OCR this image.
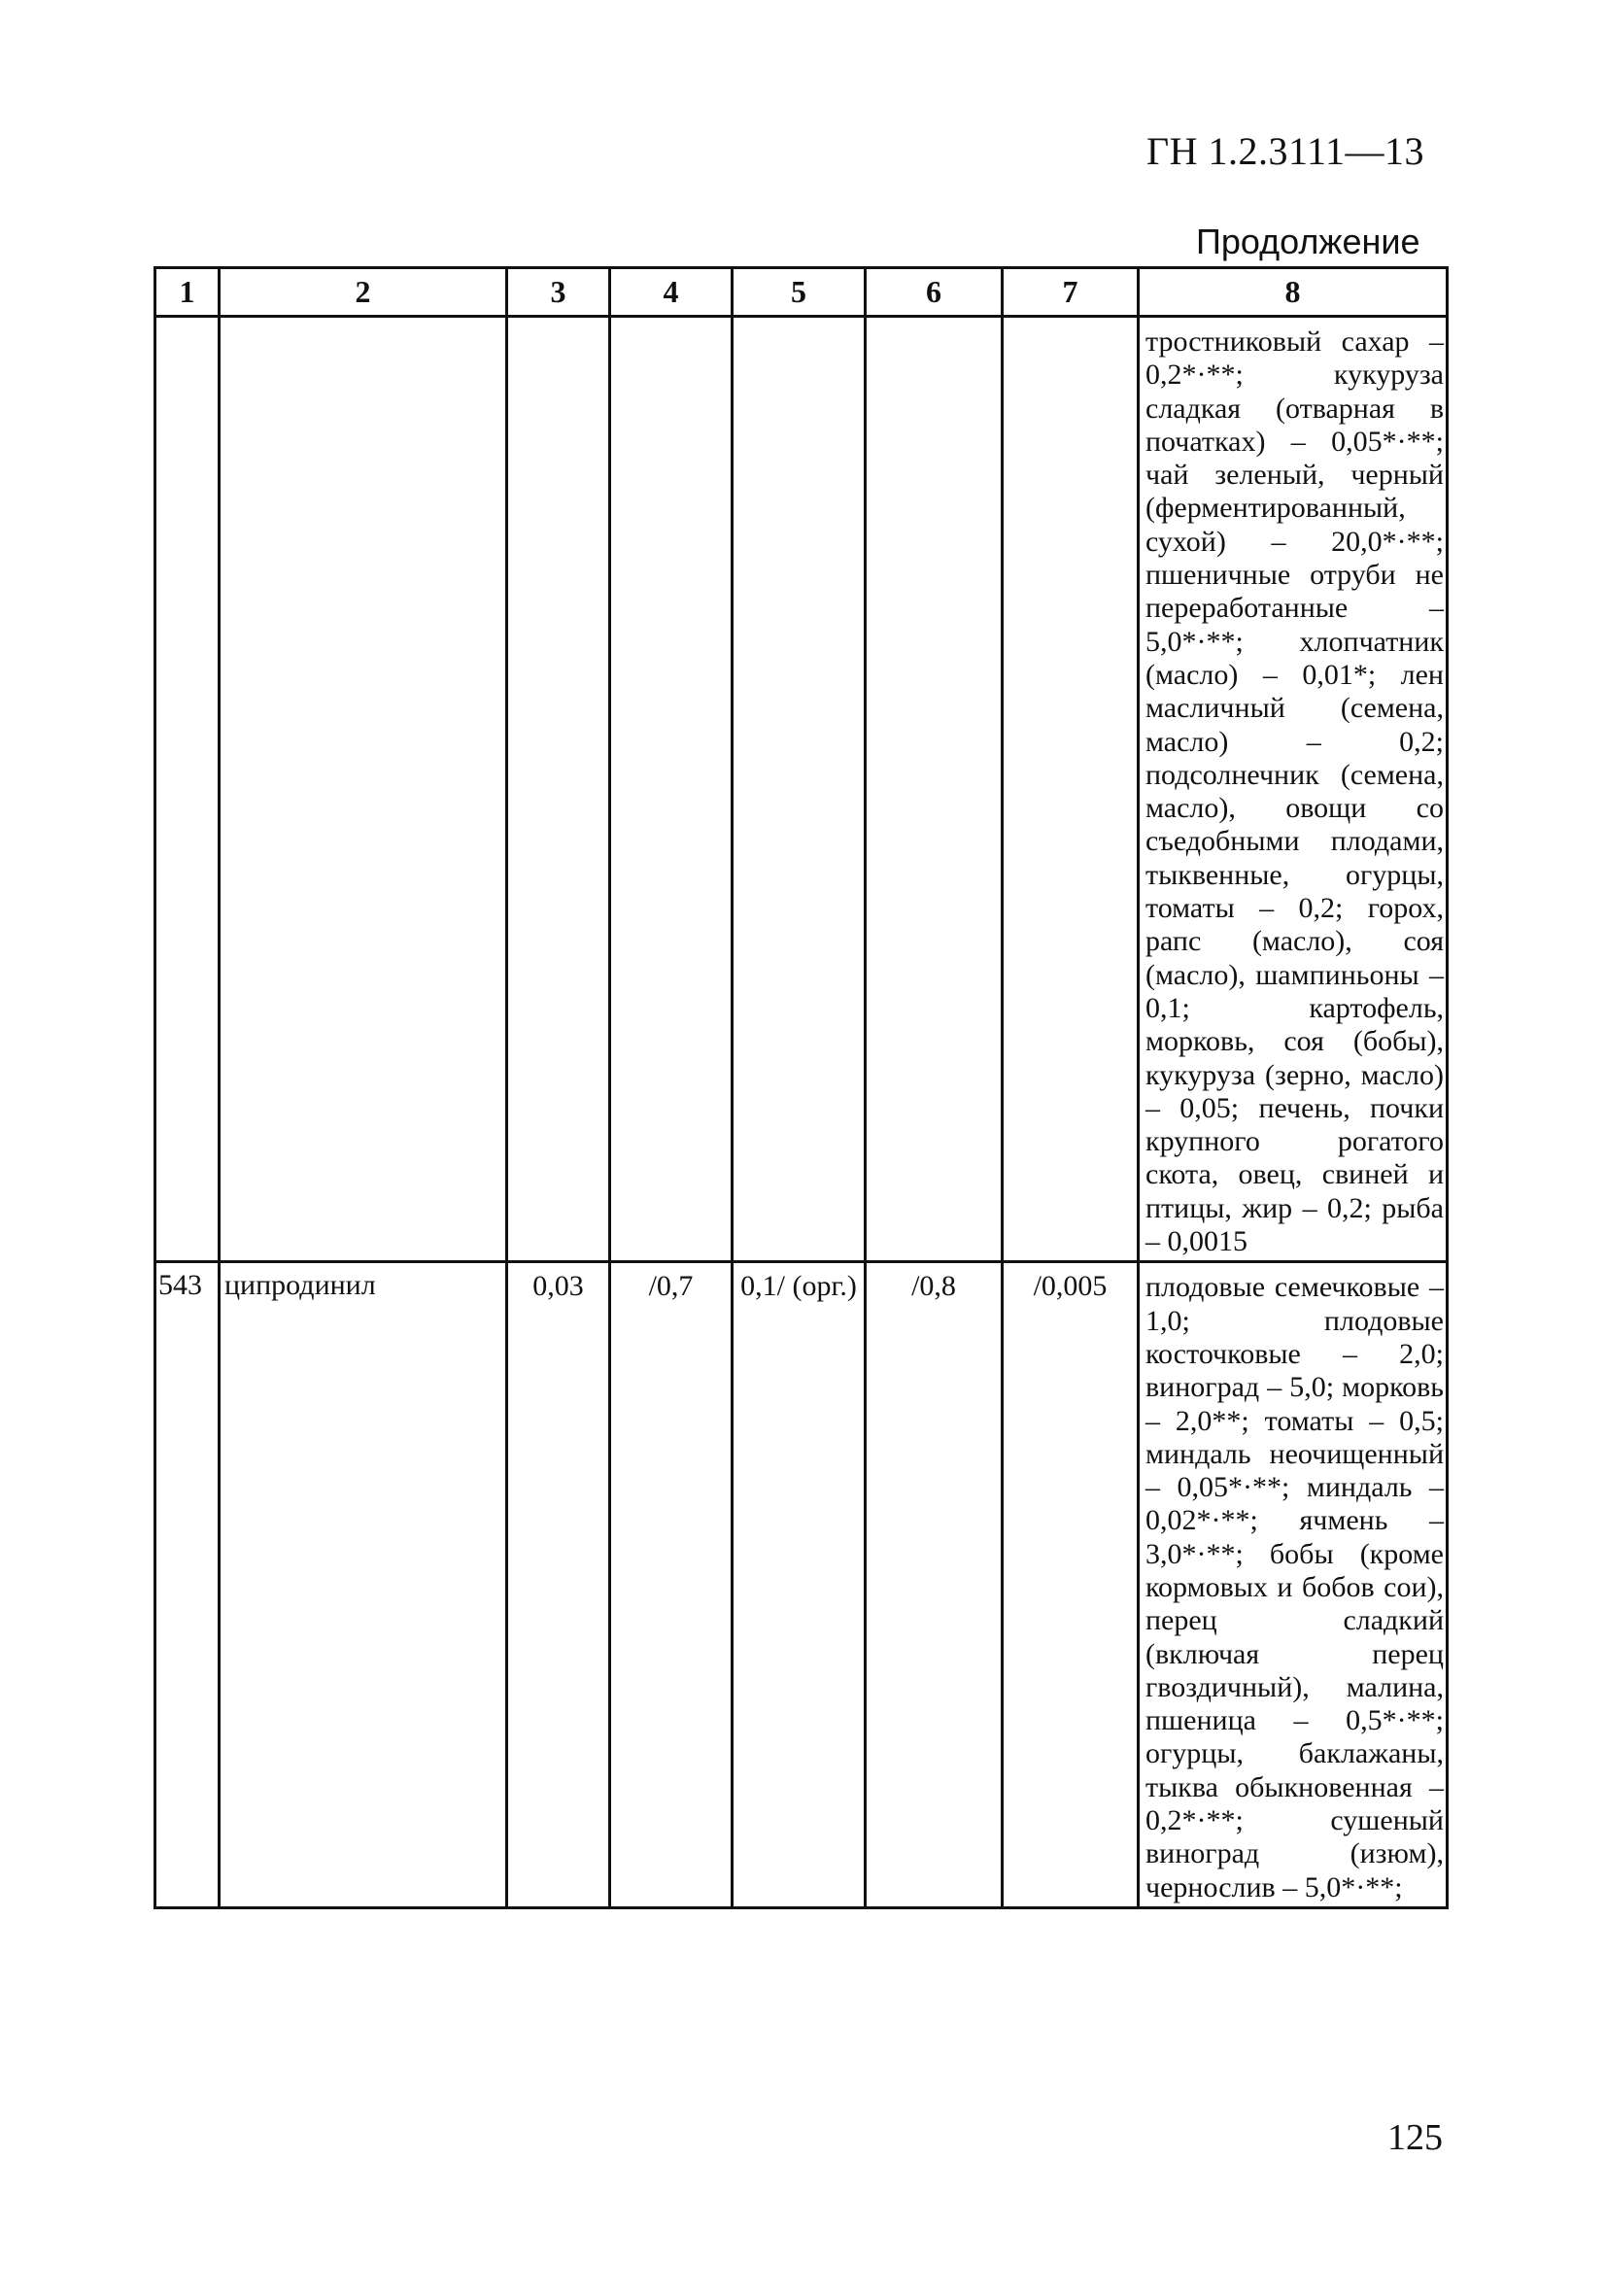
ГН 1.2.3111—13
Продолжение
1	2	3	4	5	6	7	8
							тростниковый сахар – 0,2*·**; кукуруза сладкая (отварная в початках) – 0,05*·**; чай зеленый, черный (ферментированный, сухой) – 20,0*·**; пшеничные отруби не переработанные – 5,0*·**; хлопчатник (масло) – 0,01*; лен масличный (семена, масло) – 0,2; подсолнечник (семена, масло), овощи со съедобными плодами, тыквенные, огурцы, томаты – 0,2; горох, рапс (масло), соя (масло), шампиньоны – 0,1; картофель, морковь, соя (бобы), кукуруза (зерно, масло) – 0,05; печень, почки крупного рогатого скота, овец, свиней и птицы, жир – 0,2; рыба – 0,0015
543	ципродинил	0,03	/0,7	0,1/ (орг.)	/0,8	/0,005	плодовые семечковые – 1,0; плодовые косточковые – 2,0; виноград – 5,0; морковь – 2,0**; томаты – 0,5; миндаль неочищенный – 0,05*·**; миндаль – 0,02*·**; ячмень – 3,0*·**; бобы (кроме кормовых и бобов сои), перец сладкий (включая перец гвоздичный), малина, пшеница – 0,5*·**; огурцы, баклажаны, тыква обыкновенная – 0,2*·**; сушеный виноград (изюм), чернослив – 5,0*·**;
125
